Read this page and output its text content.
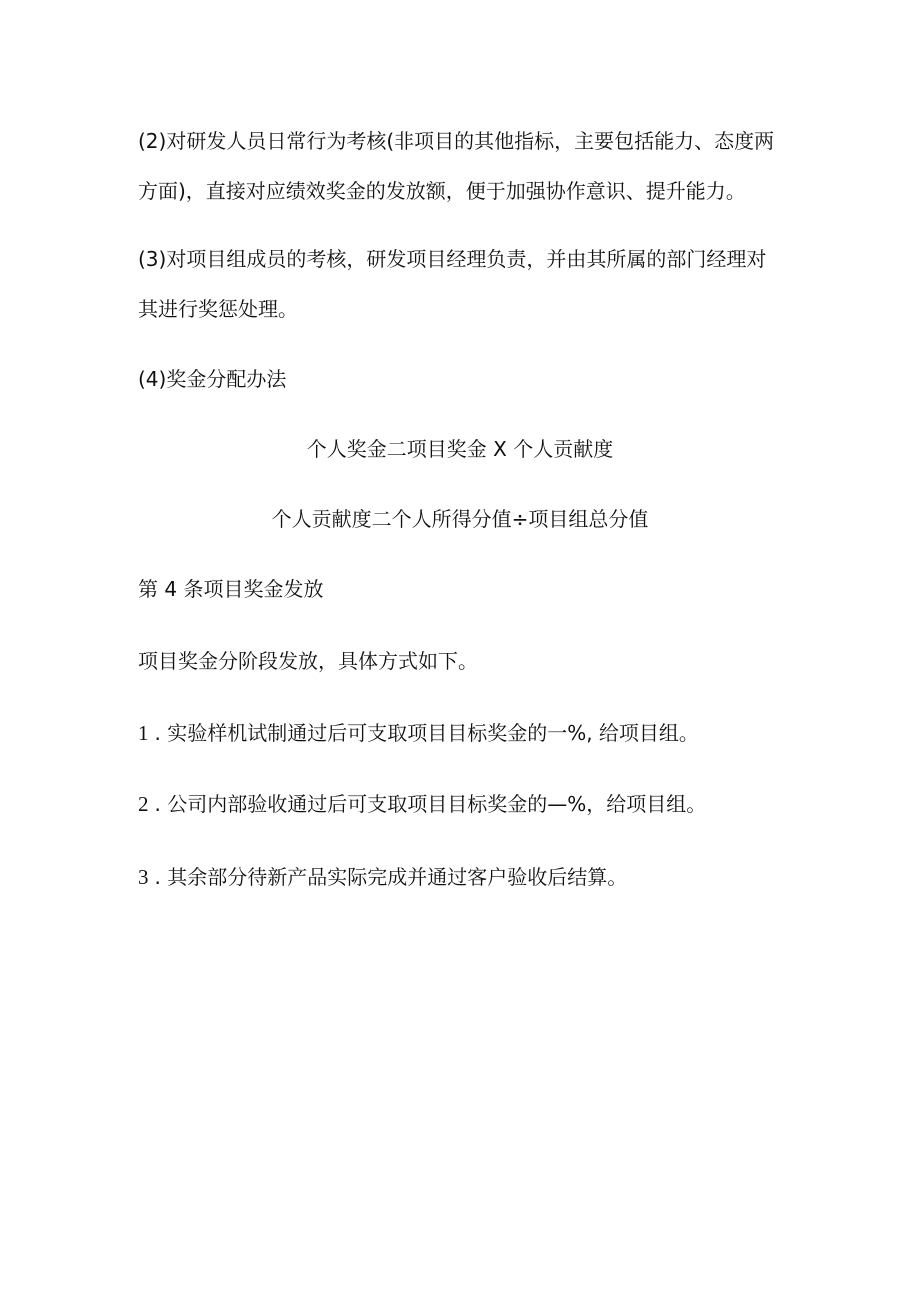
(2)对研发人员日常行为考核(非项目的其他指标，主要包括能力、态度两
方面)，直接对应绩效奖金的发放额，便于加强协作意识、提升能力。
(3)对项目组成员的考核，研发项目经理负责，并由其所属的部门经理对
其进行奖惩处理。
(4)奖金分配办法
个人奖金二项目奖金 X 个人贡献度
个人贡献度二个人所得分值÷项目组总分值
第 4 条项目奖金发放
项目奖金分阶段发放，具体方式如下。
1 . 实验样机试制通过后可支取项目目标奖金的一%, 给项目组。
2 . 公司内部验收通过后可支取项目目标奖金的—%，给项目组。
3 . 其余部分待新产品实际完成并通过客户验收后结算。
